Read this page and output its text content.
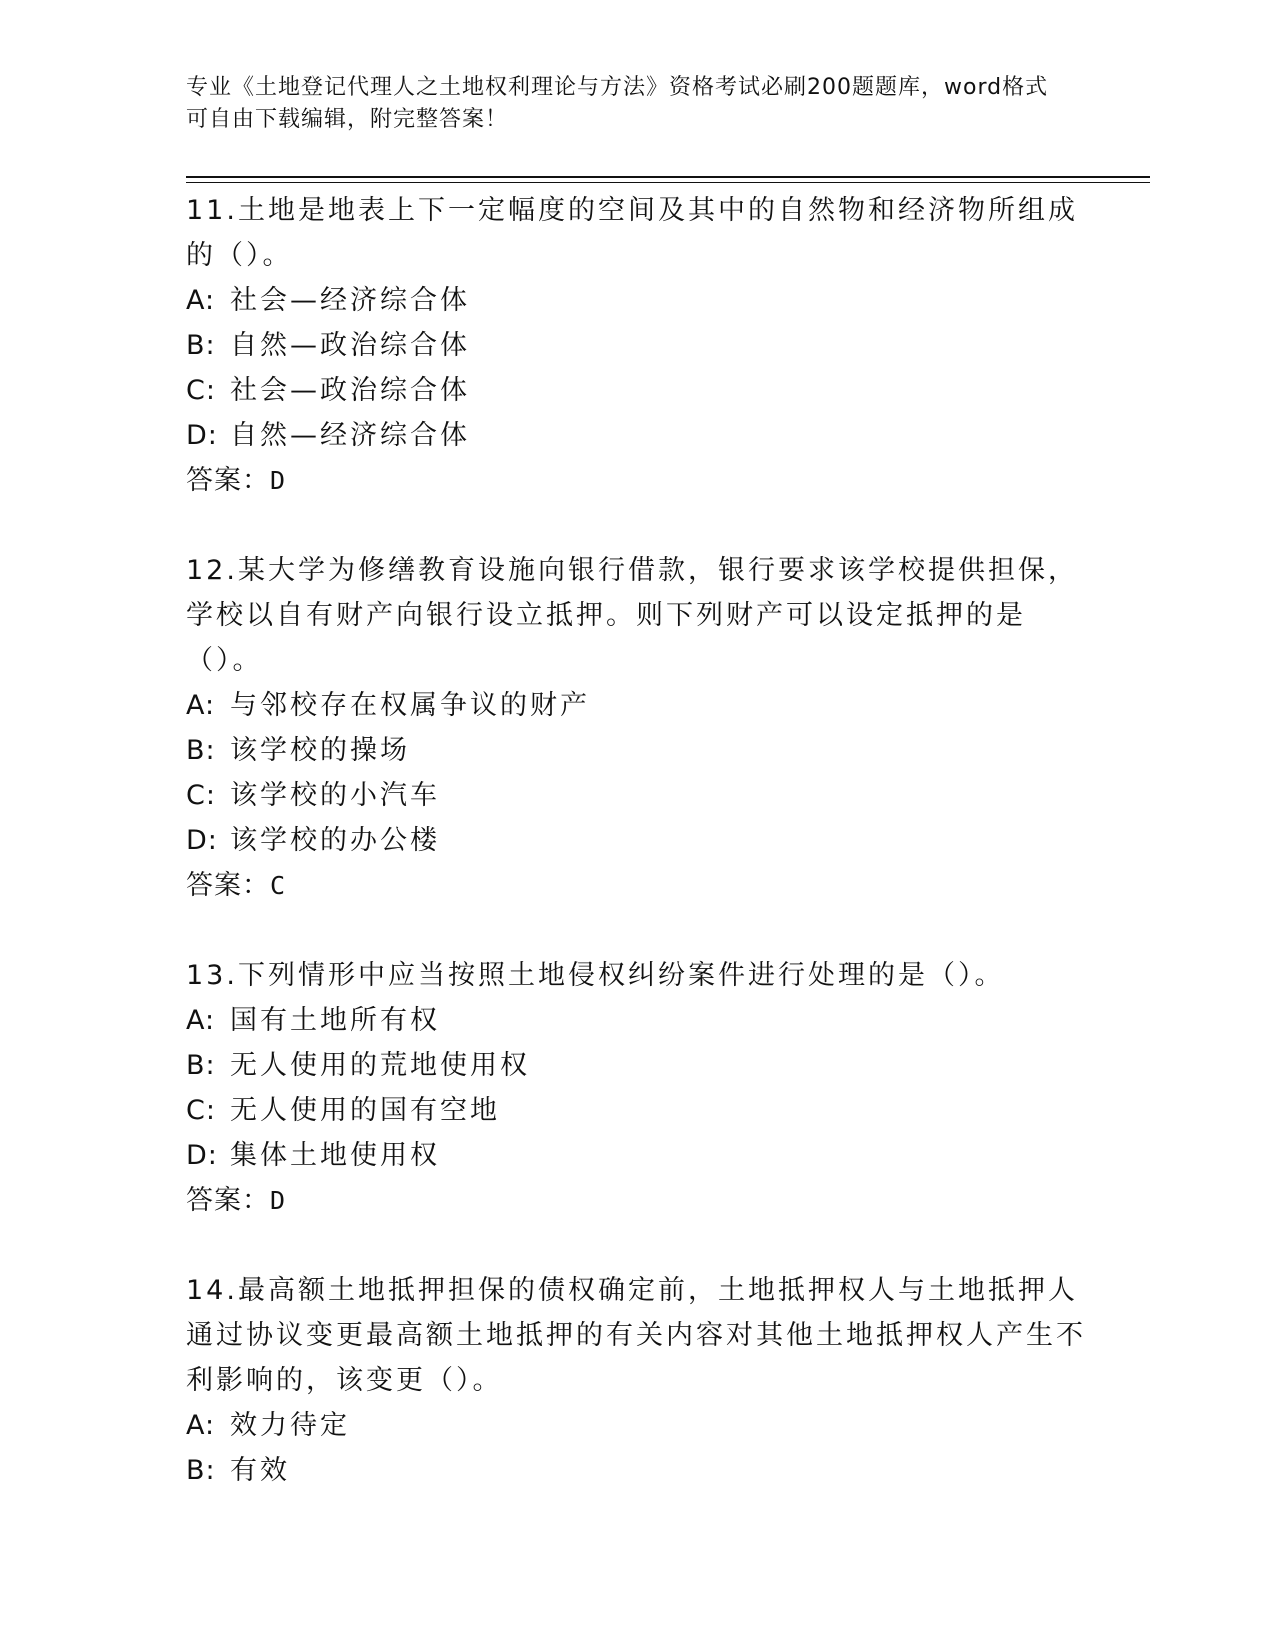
专业《土地登记代理人之土地权利理论与方法》资格考试必刷200题题库，word格式可自由下载编辑，附完整答案！

11.土地是地表上下一定幅度的空间及其中的自然物和经济物所组成的（）。

A: 社会—经济综合体
B: 自然—政治综合体
C: 社会—政治综合体
D: 自然—经济综合体
答案：D

12.某大学为修缮教育设施向银行借款，银行要求该学校提供担保，学校以自有财产向银行设立抵押。则下列财产可以设定抵押的是（）。

A: 与邻校存在权属争议的财产
B: 该学校的操场
C: 该学校的小汽车
D: 该学校的办公楼
答案：C

13.下列情形中应当按照土地侵权纠纷案件进行处理的是（）。

A: 国有土地所有权
B: 无人使用的荒地使用权
C: 无人使用的国有空地
D: 集体土地使用权
答案：D

14.最高额土地抵押担保的债权确定前，土地抵押权人与土地抵押人通过协议变更最高额土地抵押的有关内容对其他土地抵押权人产生不利影响的，该变更（）。

A: 效力待定
B: 有效
